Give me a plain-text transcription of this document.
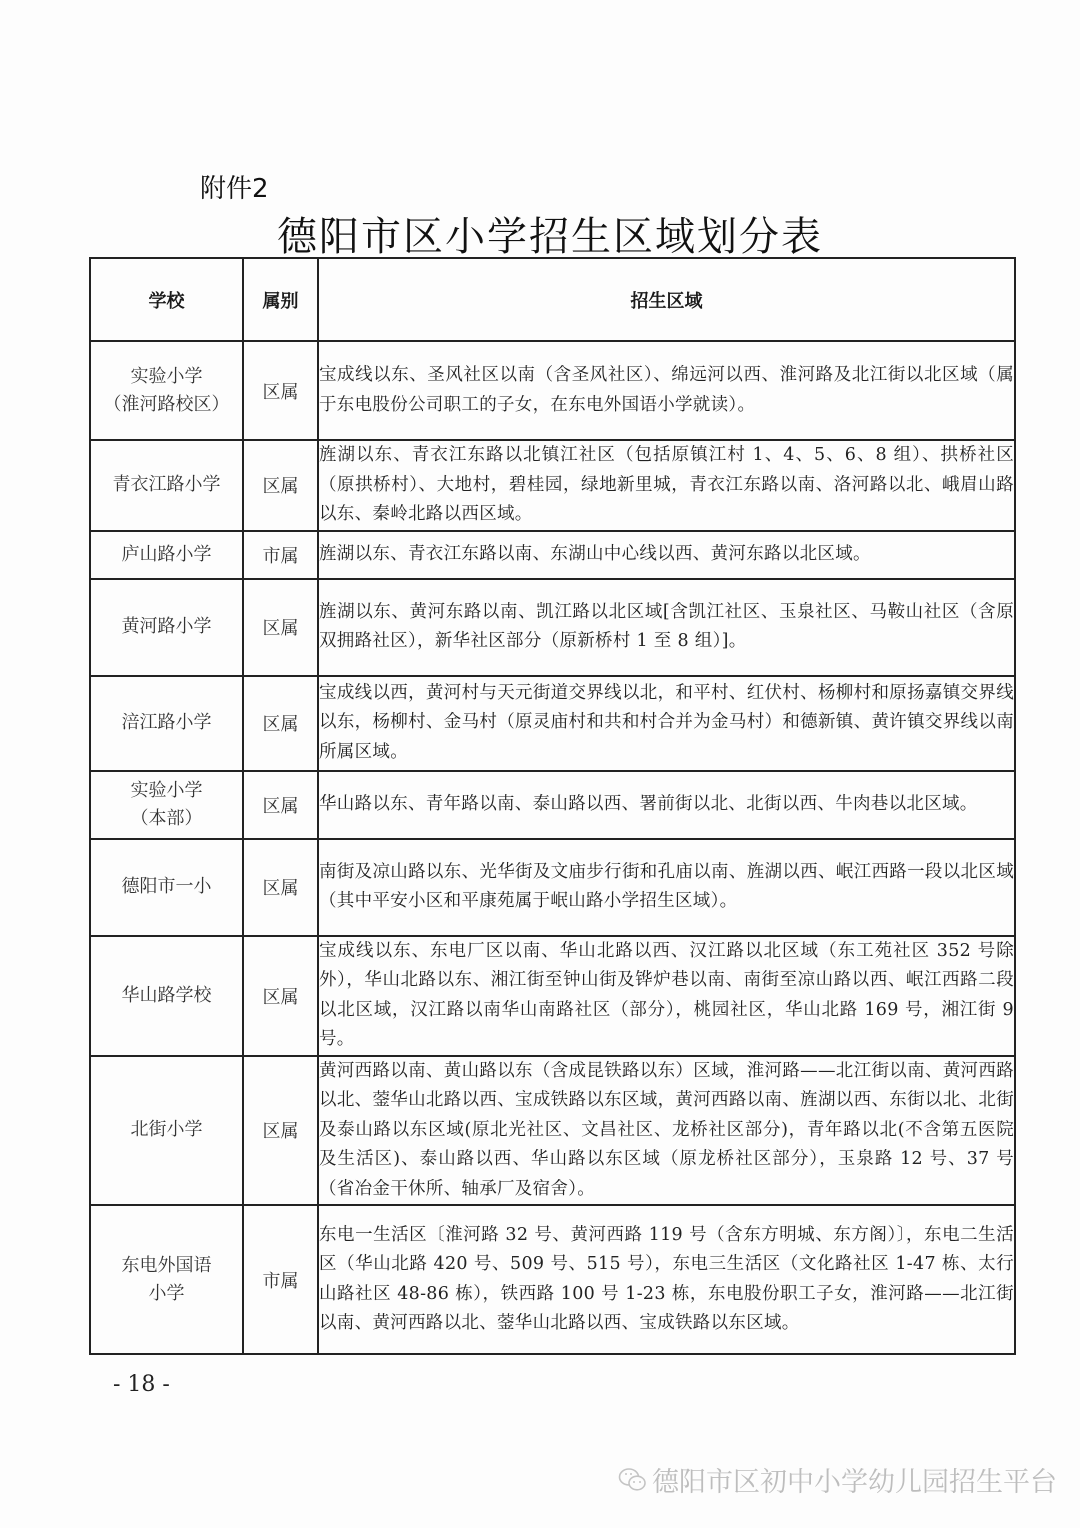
附件2
德阳市区小学招生区域划分表
学校	属别	招生区域
实验小学
（淮河路校区）	区属	宝成线以东、圣风社区以南（含圣风社区）、绵远河以西、淮河路及北江街以北区域（属于东电股份公司职工的子女，在东电外国语小学就读）。
青衣江路小学	区属	旌湖以东、青衣江东路以北镇江社区（包括原镇江村 1、4、5、6、8 组）、拱桥社区（原拱桥村）、大地村，碧桂园，绿地新里城，青衣江东路以南、洛河路以北、峨眉山路以东、秦岭北路以西区域。
庐山路小学	市属	旌湖以东、青衣江东路以南、东湖山中心线以西、黄河东路以北区域。
黄河路小学	区属	旌湖以东、黄河东路以南、凯江路以北区域[含凯江社区、玉泉社区、马鞍山社区（含原双拥路社区），新华社区部分（原新桥村 1 至 8 组）]。
涪江路小学	区属	宝成线以西，黄河村与天元街道交界线以北，和平村、红伏村、杨柳村和原扬嘉镇交界线以东，杨柳村、金马村（原灵庙村和共和村合并为金马村）和德新镇、黄许镇交界线以南所属区域。
实验小学
（本部）	区属	华山路以东、青年路以南、泰山路以西、署前街以北、北街以西、牛肉巷以北区域。
德阳市一小	区属	南街及凉山路以东、光华街及文庙步行街和孔庙以南、旌湖以西、岷江西路一段以北区域（其中平安小区和平康苑属于岷山路小学招生区域）。
华山路学校	区属	宝成线以东、东电厂区以南、华山北路以西、汉江路以北区域（东工苑社区 352 号除外），华山北路以东、湘江街至钟山街及铧炉巷以南、南街至凉山路以西、岷江西路二段以北区域，汉江路以南华山南路社区（部分），桃园社区，华山北路 169 号，湘江街 9 号。
北街小学	区属	黄河西路以南、黄山路以东（含成昆铁路以东）区域，淮河路——北江街以南、黄河西路以北、蓥华山北路以西、宝成铁路以东区域，黄河西路以南、旌湖以西、东街以北、北街及泰山路以东区域(原北光社区、文昌社区、龙桥社区部分)，青年路以北(不含第五医院及生活区)、泰山路以西、华山路以东区域（原龙桥社区部分），玉泉路 12 号、37 号（省冶金干休所、轴承厂及宿舍）。
东电外国语
小学	市属	东电一生活区〔淮河路 32 号、黄河西路 119 号（含东方明城、东方阁）〕，东电二生活区（华山北路 420 号、509 号、515 号），东电三生活区（文化路社区 1-47 栋、太行山路社区 48-86 栋），铁西路 100 号 1-23 栋，东电股份职工子女，淮河路——北江街以南、黄河西路以北、蓥华山北路以西、宝成铁路以东区域。
- 18 -
德阳市区初中小学幼儿园招生平台
